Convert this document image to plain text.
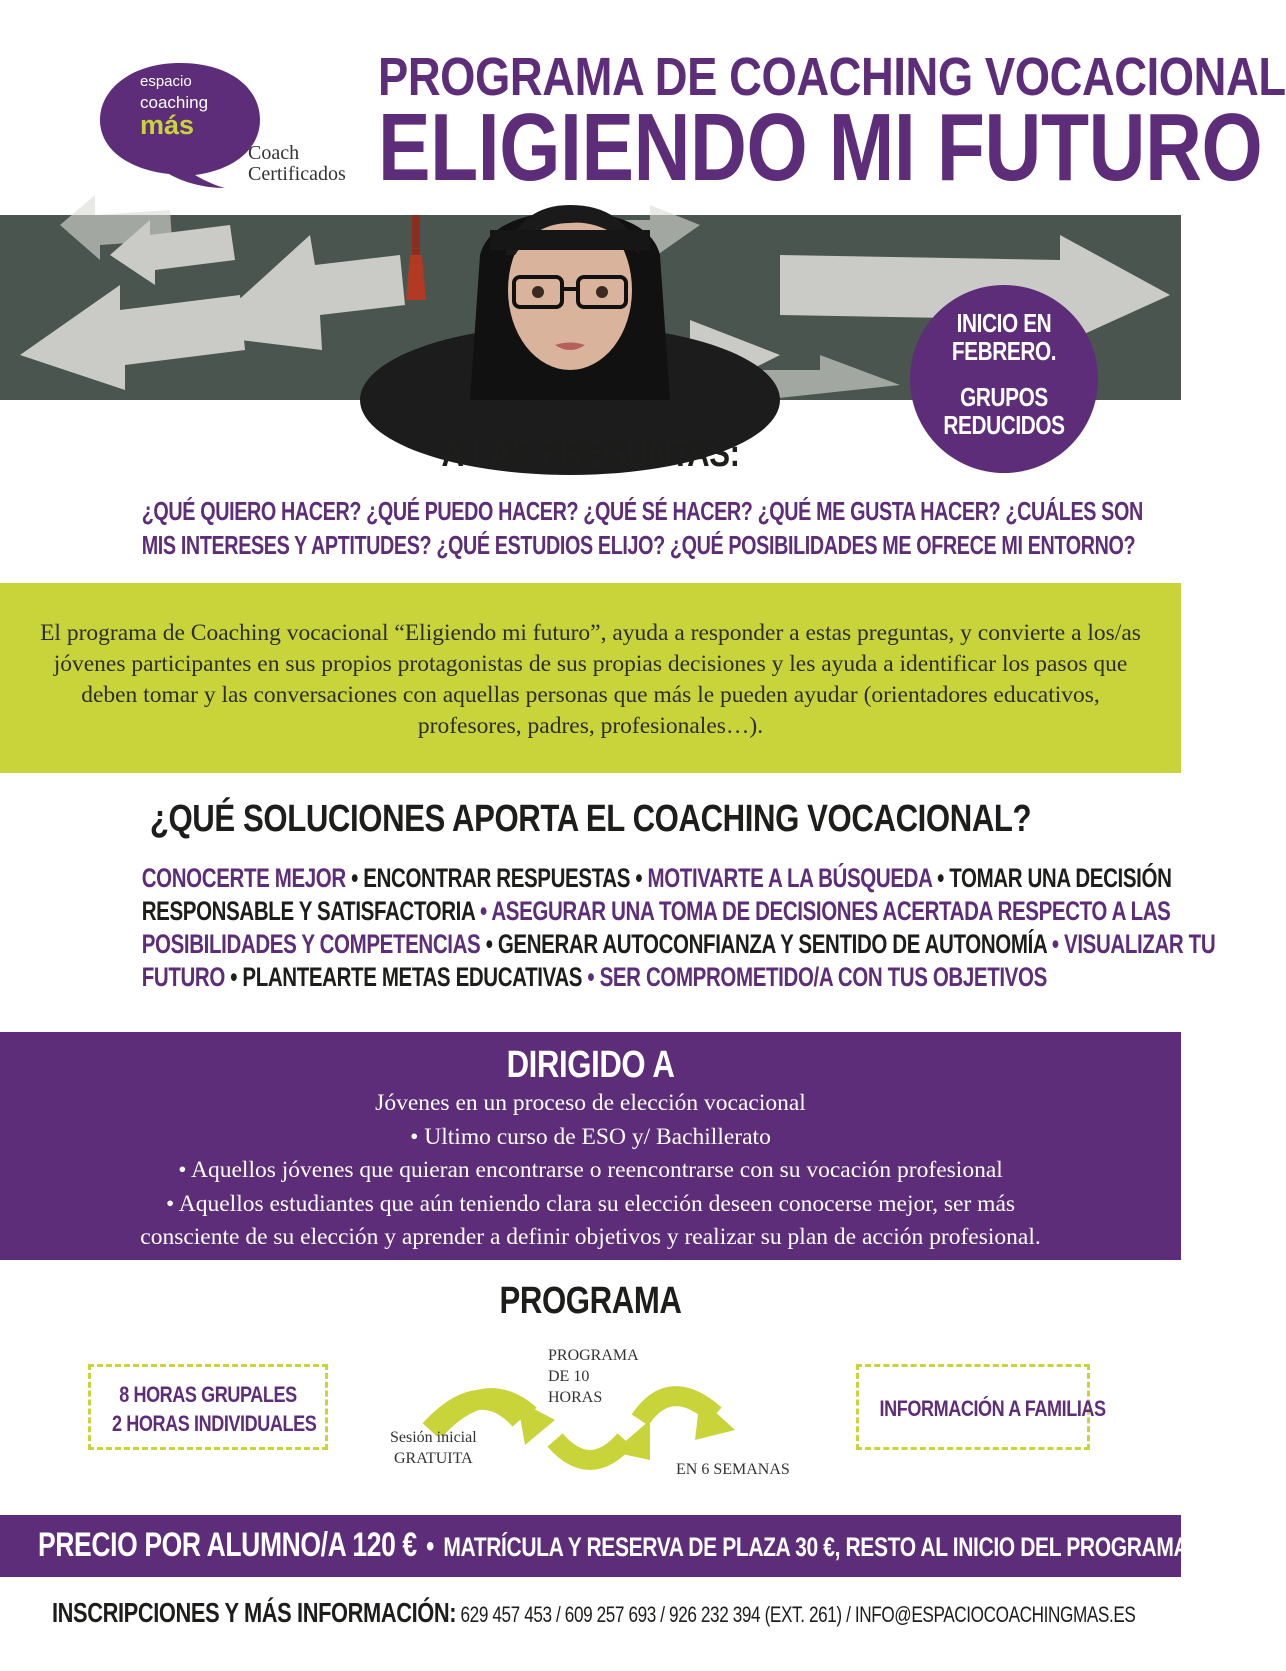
espacio
coaching
más
Coach
Certificados
PROGRAMA DE COACHING VOCACIONAL
ELIGIENDO MI FUTURO
INICIO EN
FEBRERO.
GRUPOS
REDUCIDOS
A LAS PREGUNTAS:
¿QUÉ QUIERO HACER? ¿QUÉ PUEDO HACER? ¿QUÉ SÉ HACER? ¿QUÉ ME GUSTA HACER? ¿CUÁLES SON
MIS INTERESES Y APTITUDES? ¿QUÉ ESTUDIOS ELIJO? ¿QUÉ POSIBILIDADES ME OFRECE MI ENTORNO?
El programa de Coaching vocacional “Eligiendo mi futuro”, ayuda a responder a estas preguntas, y convierte a los/as jóvenes participantes en sus propios protagonistas de sus propias decisiones y les ayuda a identificar los pasos que deben tomar y las conversaciones con aquellas personas que más le pueden ayudar (orientadores educativos, profesores, padres, profesionales…).
¿QUÉ SOLUCIONES APORTA EL COACHING VOCACIONAL?
CONOCERTE MEJOR • ENCONTRAR RESPUESTAS • MOTIVARTE A LA BÚSQUEDA • TOMAR UNA DECISIÓN
RESPONSABLE Y SATISFACTORIA • ASEGURAR UNA TOMA DE DECISIONES ACERTADA RESPECTO A LAS
POSIBILIDADES Y COMPETENCIAS • GENERAR AUTOCONFIANZA Y SENTIDO DE AUTONOMÍA • VISUALIZAR TU
FUTURO • PLANTEARTE METAS EDUCATIVAS • SER COMPROMETIDO/A CON TUS OBJETIVOS
DIRIGIDO A
Jóvenes en un proceso de elección vocacional
• Ultimo curso de ESO y/ Bachillerato
• Aquellos jóvenes que quieran encontrarse o reencontrarse con su vocación profesional
• Aquellos estudiantes que aún teniendo clara su elección deseen conocerse mejor, ser más
consciente de su elección y aprender a definir objetivos y realizar su plan de acción profesional.
PROGRAMA
8 HORAS GRUPALES
2 HORAS INDIVIDUALES
INFORMACIÓN A FAMILIAS
PROGRAMA
DE 10
HORAS
Sesión inicial
GRATUITA
EN 6 SEMANAS
PRECIO POR ALUMNO/A 120 € • MATRÍCULA Y RESERVA DE PLAZA 30 €, RESTO AL INICIO DEL PROGRAMA
INSCRIPCIONES Y MÁS INFORMACIÓN: 629 457 453 / 609 257 693 / 926 232 394 (EXT. 261) / INFO@ESPACIOCOACHINGMAS.ES
